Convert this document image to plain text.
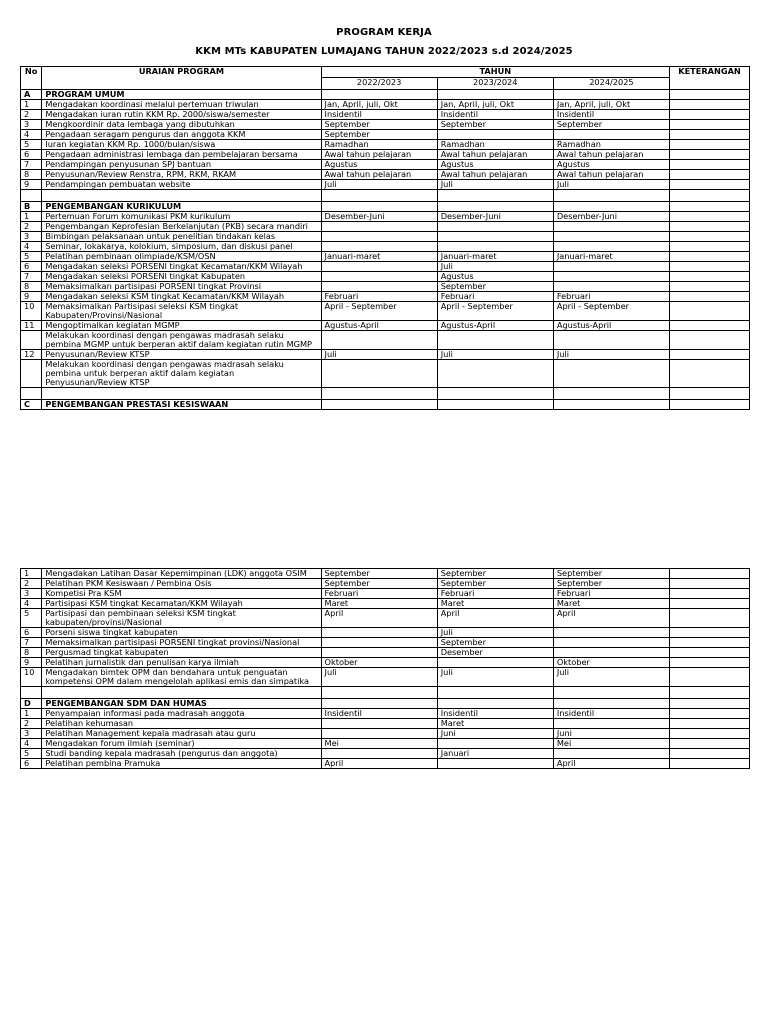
PROGRAM KERJA
KKM MTs KABUPATEN LUMAJANG TAHUN 2022/2023 s.d 2024/2025
No	URAIAN PROGRAM	TAHUN			KETERANGAN
		2022/2023	2023/2024	2024/2025	
A	PROGRAM UMUM				
1	Mengadakan koordinasi melalui pertemuan triwulan	Jan, April, juli, Okt	Jan, April, juli, Okt	Jan, April, juli, Okt	
2	Mengadakan iuran rutin KKM Rp. 2000/siswa/semester	Insidentil	Insidentil	Insidentil	
3	Mengkoordinir data lembaga yang dibutuhkan	September	September	September	
4	Pengadaan seragam pengurus dan anggota KKM	September			
5	Iuran kegiatan KKM Rp. 1000/bulan/siswa	Ramadhan	Ramadhan	Ramadhan	
6	Pengadaan administrasi lembaga dan pembelajaran bersama	Awal tahun pelajaran	Awal tahun pelajaran	Awal tahun pelajaran	
7	Pendampingan penyusunan SPJ bantuan	Agustus	Agustus	Agustus	
8	Penyusunan/Review Renstra, RPM, RKM, RKAM	Awal tahun pelajaran	Awal tahun pelajaran	Awal tahun pelajaran	
9	Pendampingan pembuatan website	Juli	Juli	Juli	

B	PENGEMBANGAN KURIKULUM				
1	Pertemuan Forum komunikasi PKM kurikulum	Desember-Juni	Desember-Juni	Desember-Juni	
2	Pengembangan Keprofesian Berkelanjutan (PKB) secara mandiri				
3	Bimbingan pelaksanaan untuk penelitian tindakan kelas				
4	Seminar, lokakarya, kolokium, simposium, dan diskusi panel				
5	Pelatihan pembinaan olimpiade/KSM/OSN	Januari-maret	Januari-maret	Januari-maret	
6	Mengadakan seleksi PORSENI tingkat Kecamatan/KKM Wilayah		Juli		
7	Mengadakan seleksi PORSENI tingkat Kabupaten		Agustus		
8	Memaksimalkan partisipasi PORSENI tingkat Provinsi		September		
9	Mengadakan seleksi KSM tingkat Kecamatan/KKM Wilayah	Februari	Februari	Februari	
10	Memaksimalkan Partisipasi seleksi KSM tingkat Kabupaten/Provinsi/Nasional	April - September	April - September	April - September	
11	Mengoptimalkan kegiatan MGMP	Agustus-April	Agustus-April	Agustus-April	
	Melakukan koordinasi dengan pengawas madrasah selaku pembina MGMP untuk berperan aktif dalam kegiatan rutin MGMP				
12	Penyusunan/Review KTSP	Juli	Juli	Juli	
	Melakukan koordinasi dengan pengawas madrasah selaku pembina untuk berperan aktif dalam kegiatan Penyusunan/Review KTSP				

C	PENGEMBANGAN PRESTASI KESISWAAN				
1	Mengadakan Latihan Dasar Kepemimpinan (LDK) anggota OSIM	September	September	September	
2	Pelatihan PKM Kesiswaan / Pembina Osis	September	September	September	
3	Kompetisi Pra KSM	Februari	Februari	Februari	
4	Partisipasi KSM tingkat Kecamatan/KKM Wilayah	Maret	Maret	Maret	
5	Partisipasi dan pembinaan seleksi KSM tingkat kabupaten/provinsi/Nasional	April	April	April	
6	Porseni siswa tingkat kabupaten		Juli		
7	Memaksimalkan partisipasi PORSENI tingkat provinsi/Nasional		September		
8	Pergusmad tingkat kabupaten		Desember		
9	Pelatihan jurnalistik dan penulisan karya ilmiah	Oktober		Oktober	
10	Mengadakan bimtek OPM dan bendahara untuk penguatan kompetensi OPM dalam mengelolah aplikasi emis dan simpatika	Juli	Juli	Juli	

D	PENGEMBANGAN SDM DAN HUMAS				
1	Penyampaian informasi pada madrasah anggota	Insidentil	Insidentil	Insidentil	
2	Pelatihan kehumasan		Maret		
3	Pelatihan Management kepala madrasah atau guru		Juni	Juni	
4	Mengadakan forum ilmiah (seminar)	Mei		Mei	
5	Studi banding kepala madrasah (pengurus dan anggota)		Januari		
6	Pelatihan pembina Pramuka	April		April	
